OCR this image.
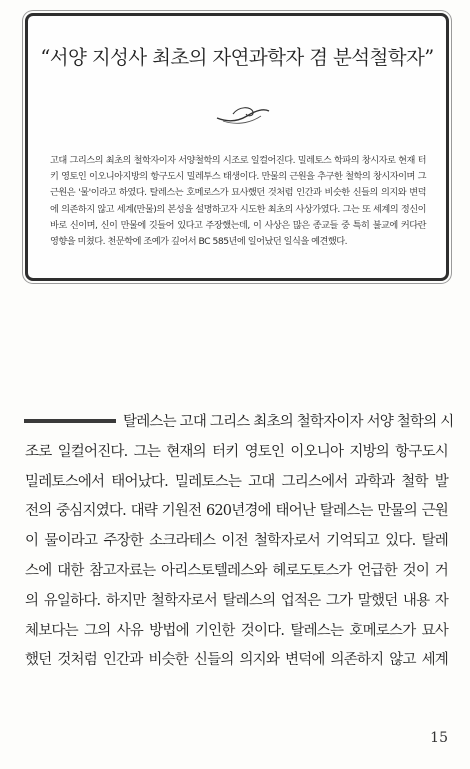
“서양 지성사 최초의 자연과학자 겸 분석철학자”
고대 그리스의 최초의 철학자이자 서양철학의 시조로 일컬어진다. 밀레토스 학파의 창시자로 현재 터키 영토인 이오니아지방의 항구도시 밀레투스 태생이다. 만물의 근원을 추구한 철학의 창시자이며 그 근원은 '물'이라고 하였다. 탈레스는 호메로스가 묘사했던 것처럼 인간과 비슷한 신들의 의지와 변덕에 의존하지 않고 세계(만물)의 본성을 설명하고자 시도한 최초의 사상가였다. 그는 또 세계의 정신이 바로 신이며, 신이 만물에 깃들어 있다고 주장했는데, 이 사상은 많은 종교들 중 특히 불교에 커다란 영향을 미쳤다. 천문학에 조예가 깊어서 BC 585년에 일어났던 일식을 예견했다.
탈레스는 고대 그리스 최초의 철학자이자 서양 철학의 시
조로 일컬어진다. 그는 현재의 터키 영토인 이오니아 지방의 항구도시
밀레토스에서 태어났다. 밀레토스는 고대 그리스에서 과학과 철학 발
전의 중심지였다. 대략 기원전 620년경에 태어난 탈레스는 만물의 근원
이 물이라고 주장한 소크라테스 이전 철학자로서 기억되고 있다. 탈레
스에 대한 참고자료는 아리스토텔레스와 헤로도토스가 언급한 것이 거
의 유일하다. 하지만 철학자로서 탈레스의 업적은 그가 말했던 내용 자
체보다는 그의 사유 방법에 기인한 것이다. 탈레스는 호메로스가 묘사
했던 것처럼 인간과 비슷한 신들의 의지와 변덕에 의존하지 않고 세계
15
